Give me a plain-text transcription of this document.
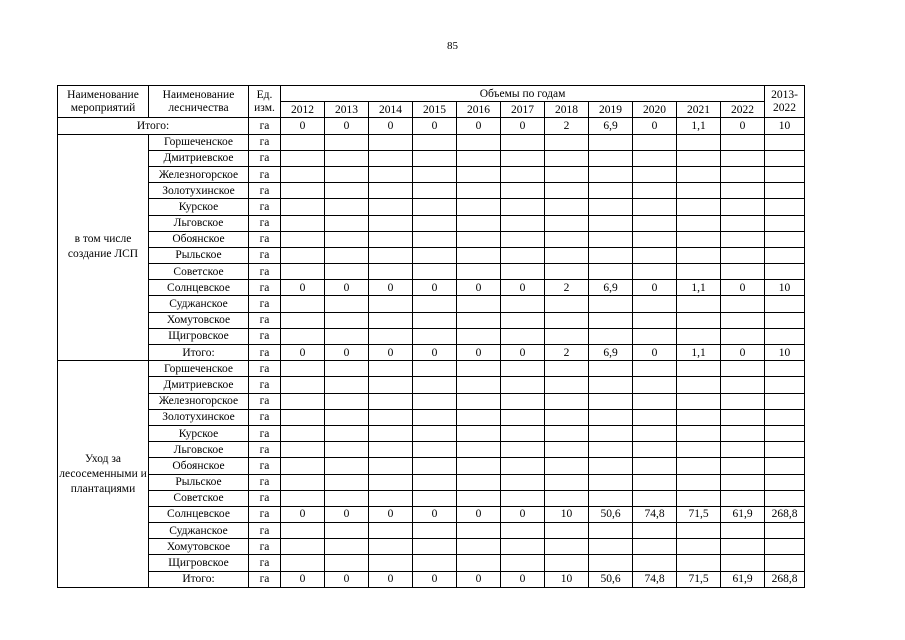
85
Наименование мероприятий	Наименование лесничества	Ед. изм.	Объемы по годам											2013-2022
			2012	2013	2014	2015	2016	2017	2018	2019	2020	2021	2022	
Итого:		га	0	0	0	0	0	0	2	6,9	0	1,1	0	10
в том числе создание ЛСП	Горшеченское	га												
	Дмитриевское	га												
	Железногорское	га												
	Золотухинское	га												
	Курское	га												
	Льговское	га												
	Обоянское	га												
	Рыльское	га												
	Советское	га												
	Солнцевское	га	0	0	0	0	0	0	2	6,9	0	1,1	0	10
	Суджанское	га												
	Хомутовское	га												
	Щигровское	га												
	Итого:	га	0	0	0	0	0	0	2	6,9	0	1,1	0	10
Уход за лесосеменными и плантациями	Горшеченское	га												
	Дмитриевское	га												
	Железногорское	га												
	Золотухинское	га												
	Курское	га												
	Льговское	га												
	Обоянское	га												
	Рыльское	га												
	Советское	га												
	Солнцевское	га	0	0	0	0	0	0	10	50,6	74,8	71,5	61,9	268,8
	Суджанское	га												
	Хомутовское	га												
	Щигровское	га												
	Итого:	га	0	0	0	0	0	0	10	50,6	74,8	71,5	61,9	268,8
